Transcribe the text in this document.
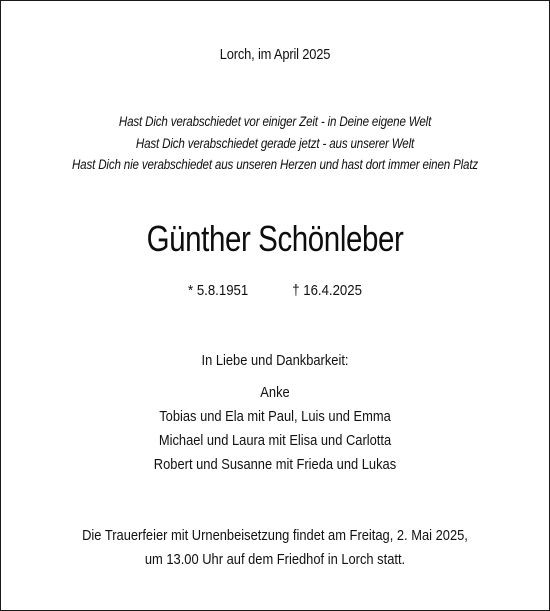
Lorch, im April 2025
Hast Dich verabschiedet vor einiger Zeit - in Deine eigene Welt
Hast Dich verabschiedet gerade jetzt - aus unserer Welt
Hast Dich nie verabschiedet aus unseren Herzen und hast dort immer einen Platz
Günther Schönleber
* 5.8.1951	† 16.4.2025
In Liebe und Dankbarkeit:
Anke
Tobias und Ela mit Paul, Luis und Emma
Michael und Laura mit Elisa und Carlotta
Robert und Susanne mit Frieda und Lukas
Die Trauerfeier mit Urnenbeisetzung findet am Freitag, 2. Mai 2025,
um 13.00 Uhr auf dem Friedhof in Lorch statt.
